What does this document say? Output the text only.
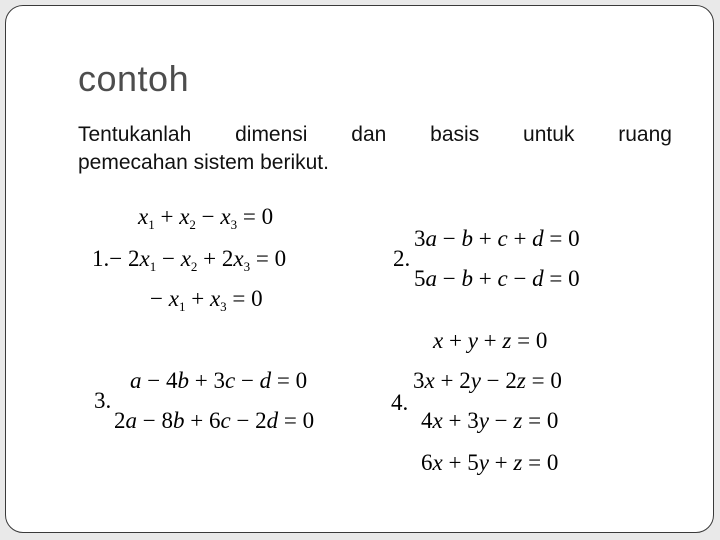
contoh
Tentukanlah dimensi dan basis untuk ruang
pemecahan sistem berikut.
$x_1 + x_2 - x_3 = 0$
$1.- 2x_1 - x_2 + 2x_3 = 0$
− $x_1 + x_3 = 0$
2.
3a − b + c + d = 0
5a − b + c − d = 0
3.
a − 4b + 3c − d = 0
2a − 8b + 6c − 2d = 0
x + y + z = 0
3x + 2y − 2z = 0
4.
4x + 3y − z = 0
6x + 5y + z = 0
